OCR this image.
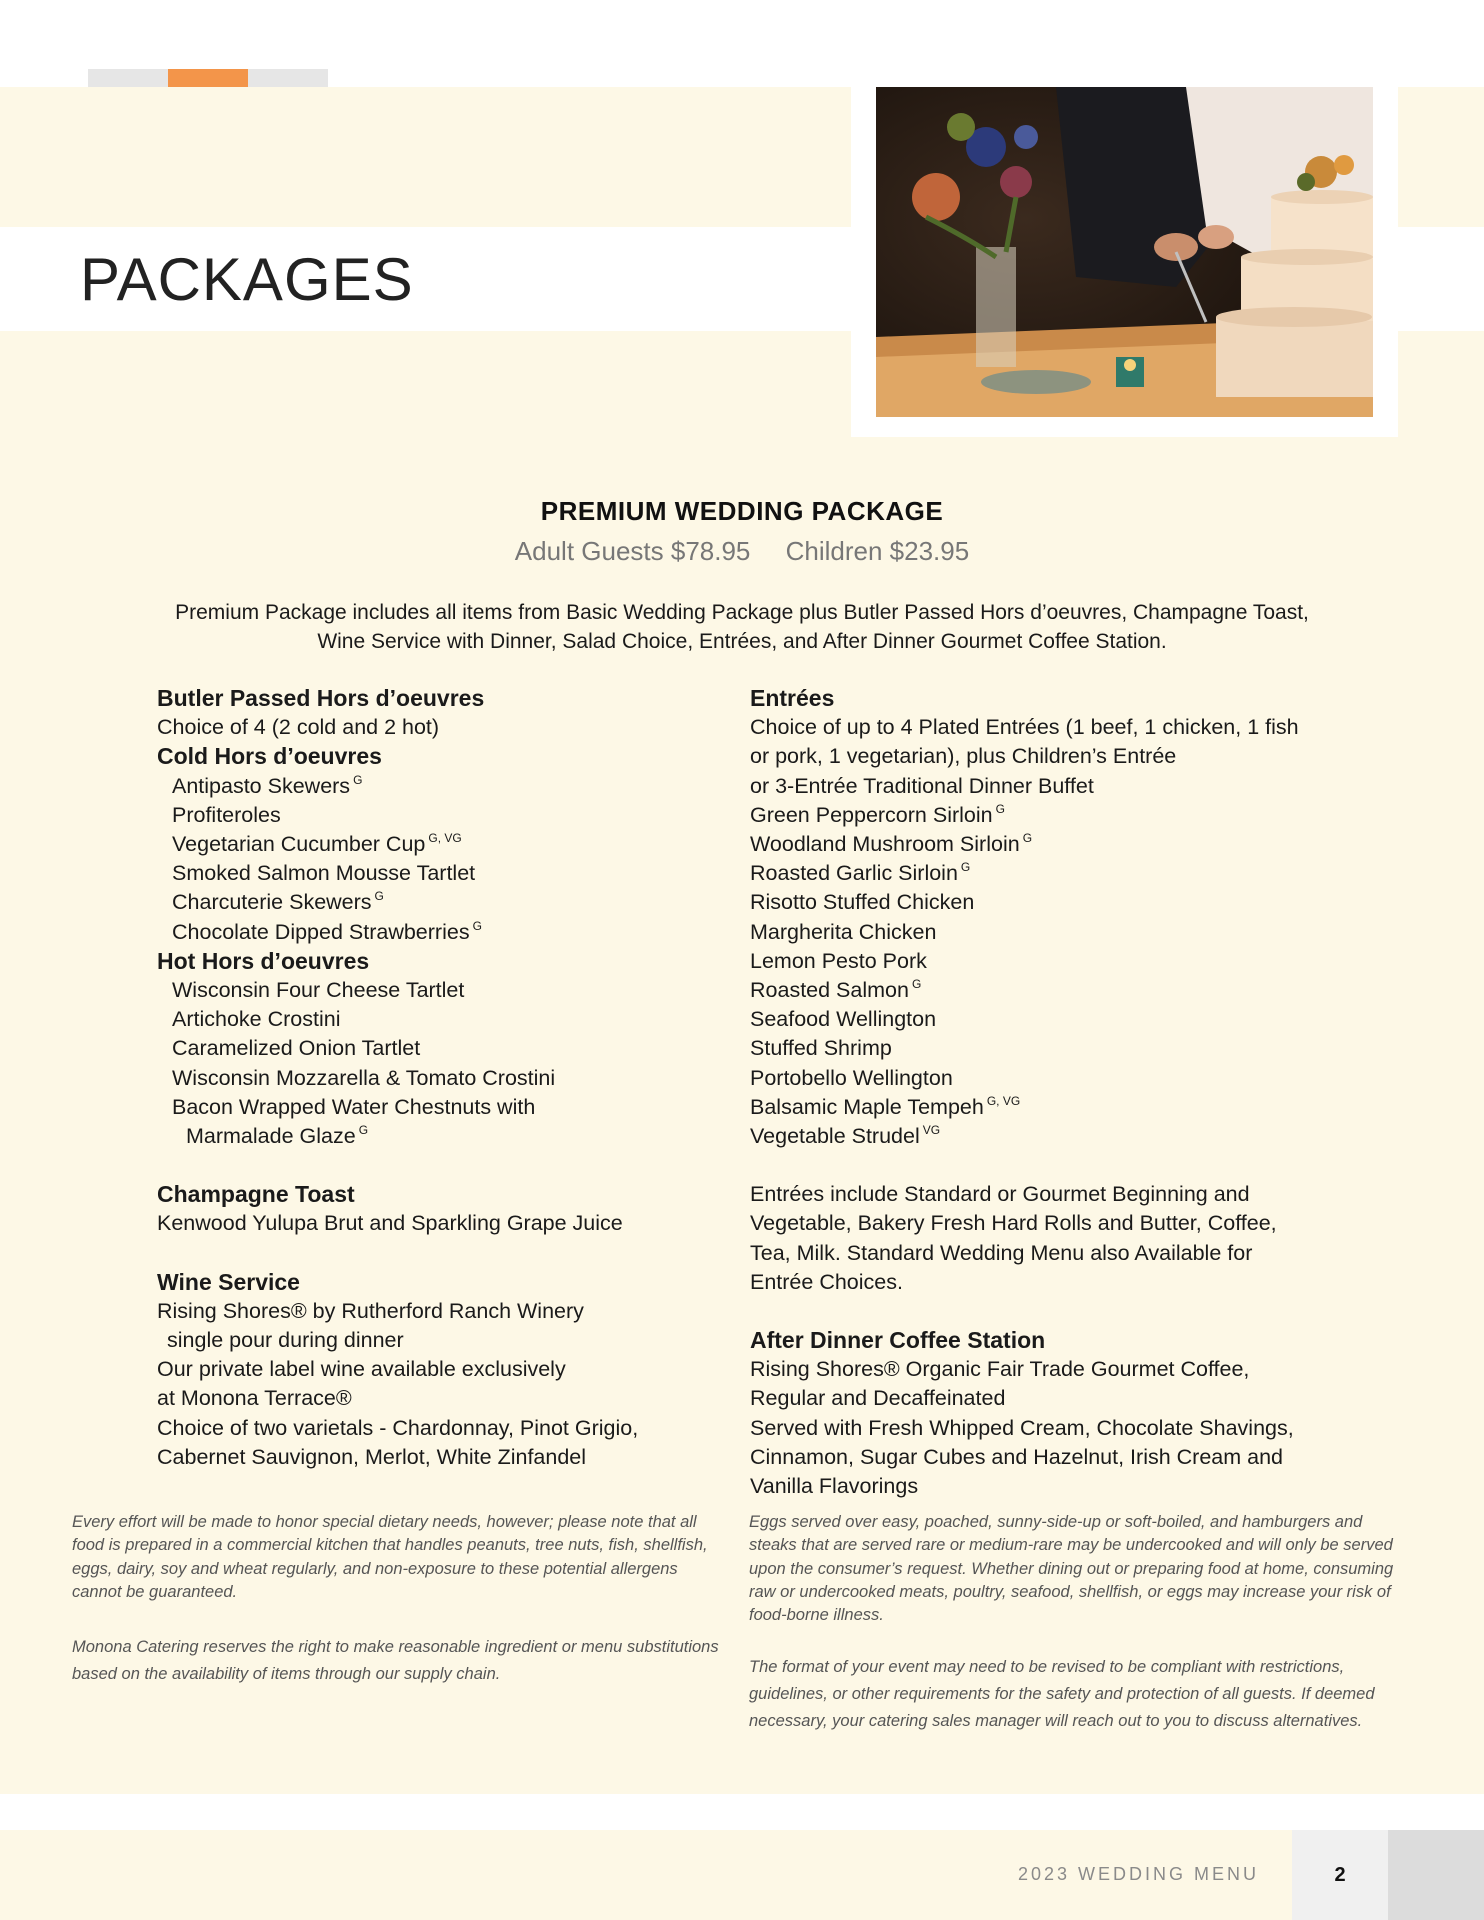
PACKAGES
PREMIUM WEDDING PACKAGE
Adult Guests $78.95 Children $23.95

Premium Package includes all items from Basic Wedding Package plus Butler Passed Hors d’oeuvres, Champagne Toast, Wine Service with Dinner, Salad Choice, Entrées, and After Dinner Gourmet Coffee Station.

Butler Passed Hors d’oeuvres
Choice of 4 (2 cold and 2 hot)
Cold Hors d’oeuvres
Antipasto Skewers $^G$
Profiteroles
Vegetarian Cucumber Cup $^{G, VG}$
Smoked Salmon Mousse Tartlet
Charcuterie Skewers $^G$
Chocolate Dipped Strawberries $^G$
Hot Hors d’oeuvres
Wisconsin Four Cheese Tartlet
Artichoke Crostini
Caramelized Onion Tartlet
Wisconsin Mozzarella & Tomato Crostini
Bacon Wrapped Water Chestnuts with
Marmalade Glaze $^G$
Champagne Toast
Kenwood Yulupa Brut and Sparkling Grape Juice
Wine Service
Rising Shores® by Rutherford Ranch Winery
single pour during dinner
Our private label wine available exclusively
at Monona Terrace®
Choice of two varietals - Chardonnay, Pinot Grigio,
Cabernet Sauvignon, Merlot, White Zinfandel
Entrées
Choice of up to 4 Plated Entrées (1 beef, 1 chicken, 1 fish
or pork, 1 vegetarian), plus Children’s Entrée
or 3-Entrée Traditional Dinner Buffet
Green Peppercorn Sirloin $^G$
Woodland Mushroom Sirloin $^G$
Roasted Garlic Sirloin $^G$
Risotto Stuffed Chicken
Margherita Chicken
Lemon Pesto Pork
Roasted Salmon $^G$
Seafood Wellington
Stuffed Shrimp
Portobello Wellington
Balsamic Maple Tempeh $^{G, VG}$
Vegetable Strudel $^{VG}$
Entrées include Standard or Gourmet Beginning and
Vegetable, Bakery Fresh Hard Rolls and Butter, Coffee,
Tea, Milk. Standard Wedding Menu also Available for
Entrée Choices.
After Dinner Coffee Station
Rising Shores® Organic Fair Trade Gourmet Coffee,
Regular and Decaffeinated
Served with Fresh Whipped Cream, Chocolate Shavings,
Cinnamon, Sugar Cubes and Hazelnut, Irish Cream and
Vanilla Flavorings

Every effort will be made to honor special dietary needs, however; please note that all food is prepared in a commercial kitchen that handles peanuts, tree nuts, fish, shellfish, eggs, dairy, soy and wheat regularly, and non-exposure to these potential allergens cannot be guaranteed.

Monona Catering reserves the right to make reasonable ingredient or menu substitutions based on the availability of items through our supply chain.

Eggs served over easy, poached, sunny-side-up or soft-boiled, and hamburgers and steaks that are served rare or medium-rare may be undercooked and will only be served upon the consumer’s request. Whether dining out or preparing food at home, consuming raw or undercooked meats, poultry, seafood, shellfish, or eggs may increase your risk of food-borne illness.

The format of your event may need to be revised to be compliant with restrictions, guidelines, or other requirements for the safety and protection of all guests. If deemed necessary, your catering sales manager will reach out to you to discuss alternatives.

2023 WEDDING MENU	2
